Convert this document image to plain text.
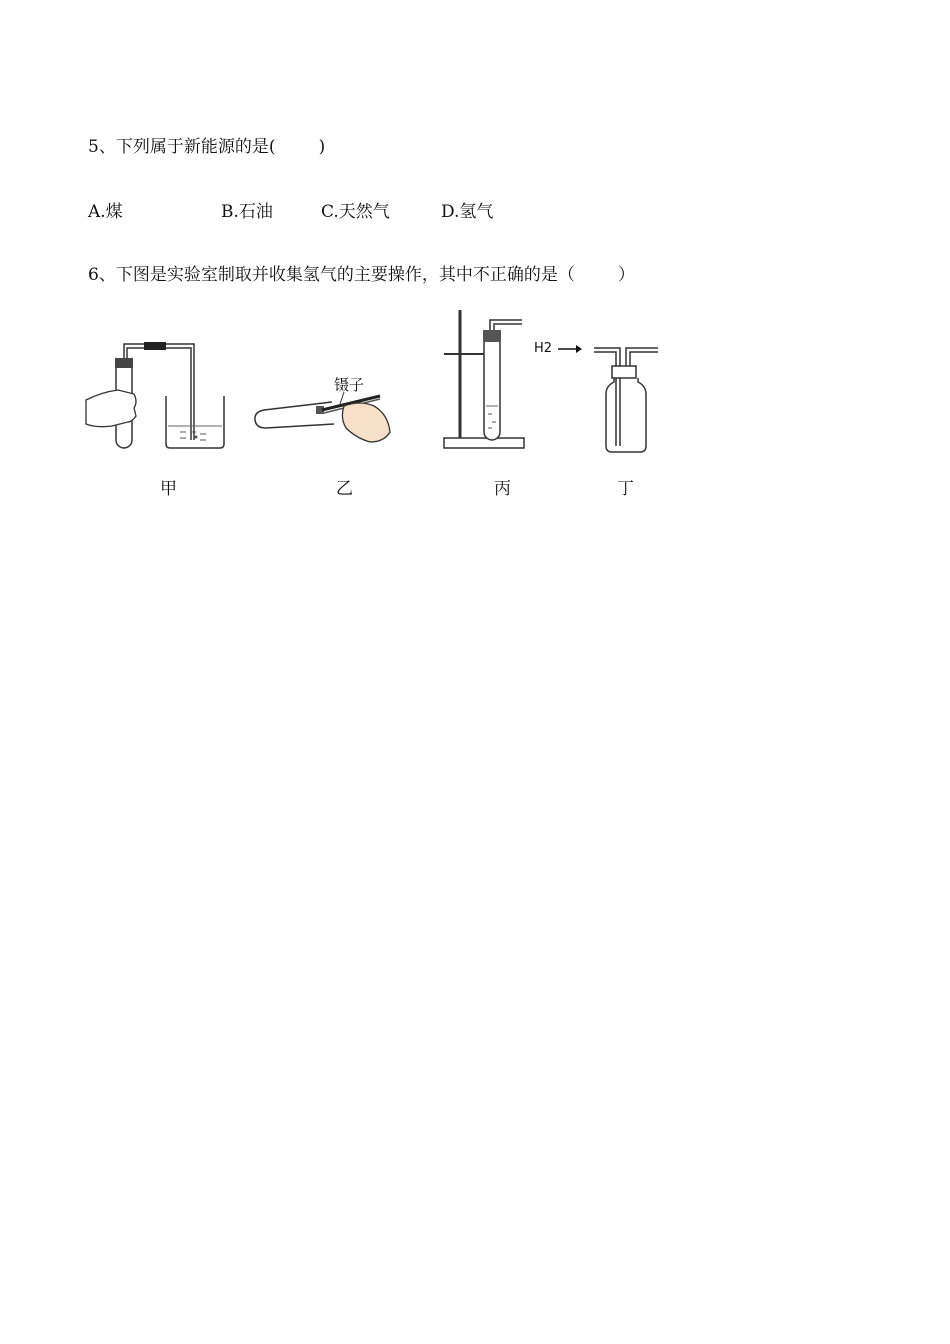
5、下列属于新能源的是(        )
A.煤	B.石油	C.天然气	D.氢气
6、下图是实验室制取并收集氢气的主要操作，其中不正确的是（        ）
甲
镊子
乙	丙
H2
丁
